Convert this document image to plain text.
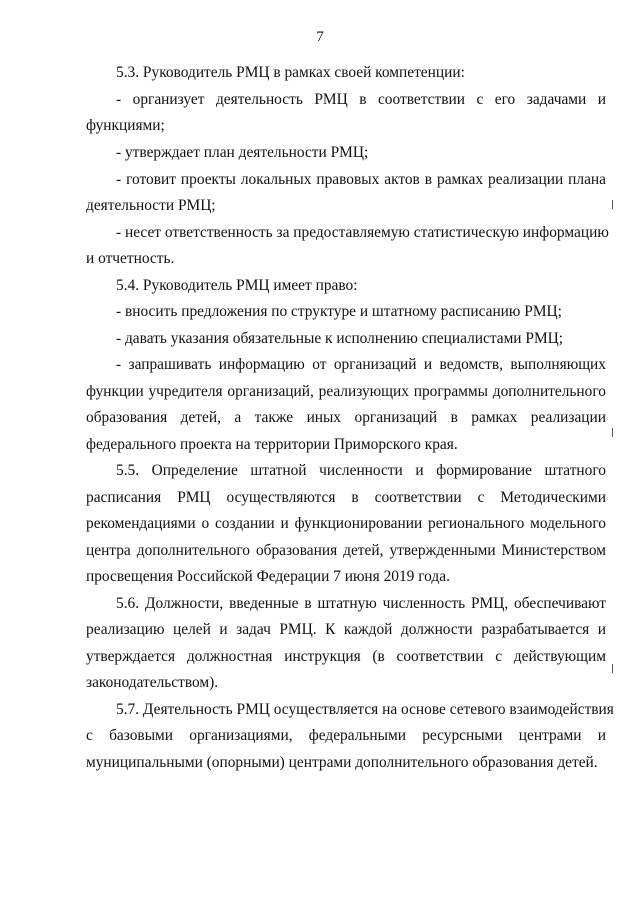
7
5.3. Руководитель РМЦ в рамках своей компетенции:
- организует деятельность РМЦ в соответствии с его задачами и
функциями;
- утверждает план деятельности РМЦ;
- готовит проекты локальных правовых актов в рамках реализации плана
деятельности РМЦ;
- несет ответственность за предоставляемую статистическую информацию
и отчетность.
5.4. Руководитель РМЦ имеет право:
- вносить предложения по структуре и штатному расписанию РМЦ;
- давать указания обязательные к исполнению специалистами РМЦ;
- запрашивать информацию от организаций и ведомств, выполняющих
функции учредителя организаций, реализующих программы дополнительного
образования детей, а также иных организаций в рамках реализации
федерального проекта на территории Приморского края.
5.5. Определение штатной численности и формирование штатного
расписания РМЦ осуществляются в соответствии с Методическими
рекомендациями о создании и функционировании регионального модельного
центра дополнительного образования детей, утвержденными Министерством
просвещения Российской Федерации 7 июня 2019 года.
5.6. Должности, введенные в штатную численность РМЦ, обеспечивают
реализацию целей и задач РМЦ. К каждой должности разрабатывается и
утверждается должностная инструкция (в соответствии с действующим
законодательством).
5.7. Деятельность РМЦ осуществляется на основе сетевого взаимодействия
с базовыми организациями, федеральными ресурсными центрами и
муниципальными (опорными) центрами дополнительного образования детей.
